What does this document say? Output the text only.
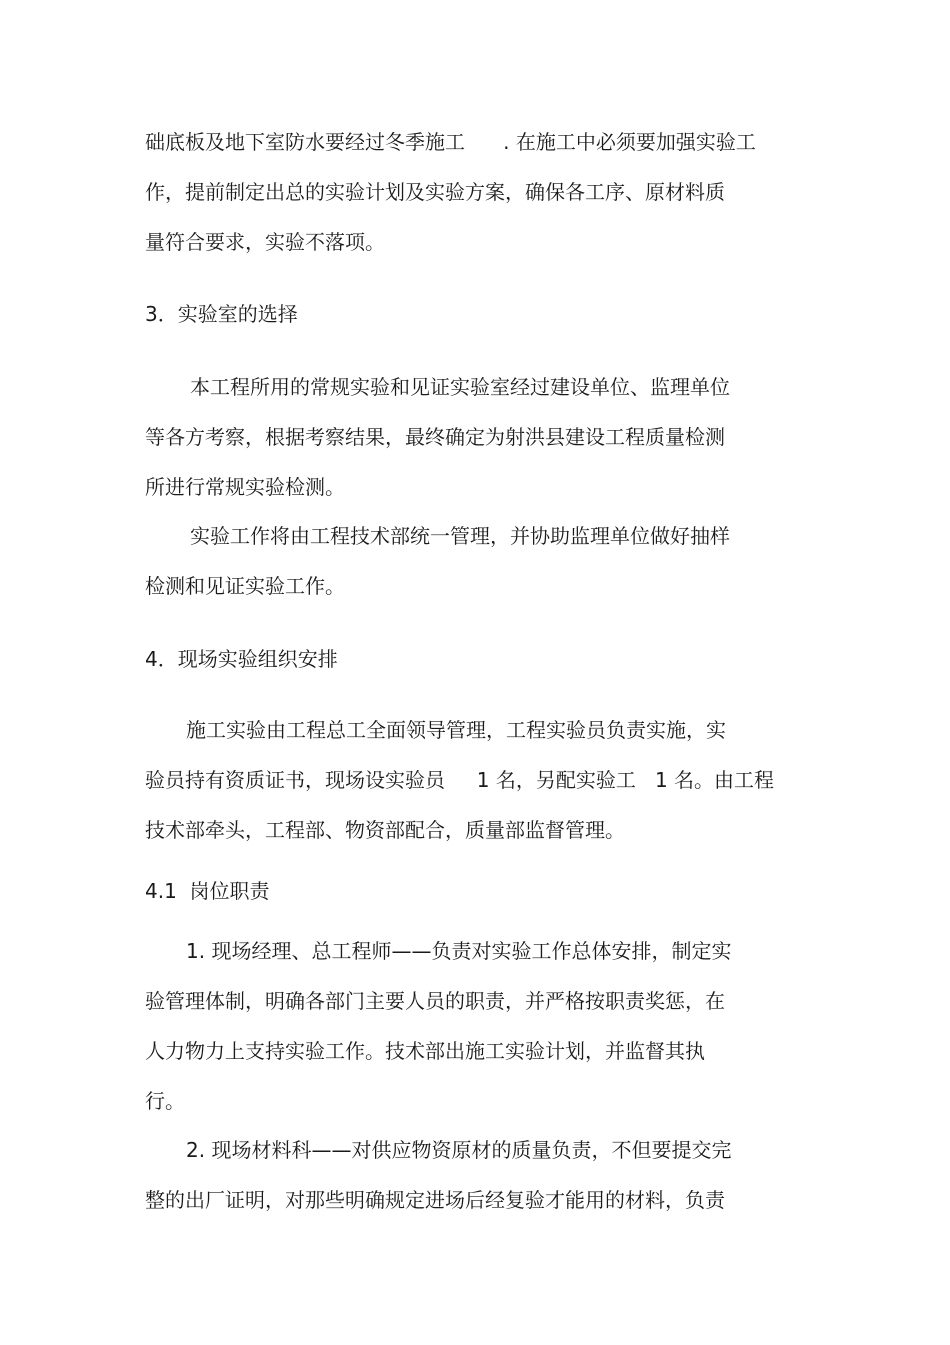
础底板及地下室防水要经过冬季施工      . 在施工中必须要加强实验工

作，提前制定出总的实验计划及实验方案，确保各工序、原材料质

量符合要求，实验不落项。

3．实验室的选择

本工程所用的常规实验和见证实验室经过建设单位、监理单位

等各方考察，根据考察结果，最终确定为射洪县建设工程质量检测

所进行常规实验检测。

实验工作将由工程技术部统一管理，并协助监理单位做好抽样

检测和见证实验工作。

4．现场实验组织安排

施工实验由工程总工全面领导管理，工程实验员负责实施，实

验员持有资质证书，现场设实验员     1 名，另配实验工   1 名。由工程

技术部牵头，工程部、物资部配合，质量部监督管理。

4.1  岗位职责

1. 现场经理、总工程师——负责对实验工作总体安排，制定实

验管理体制，明确各部门主要人员的职责，并严格按职责奖惩，在

人力物力上支持实验工作。技术部出施工实验计划，并监督其执

行。

2. 现场材料科——对供应物资原材的质量负责，不但要提交完

整的出厂证明，对那些明确规定进场后经复验才能用的材料，负责
